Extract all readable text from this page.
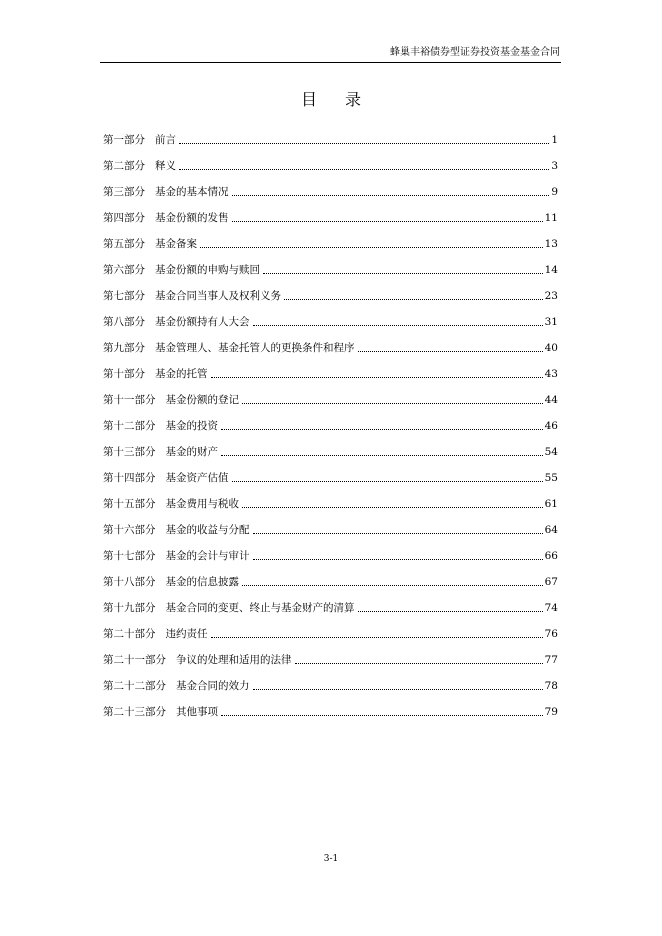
蜂巢丰裕债券型证券投资基金基金合同
目 录
第一部分 前言	1
第二部分 释义	3
第三部分 基金的基本情况	9
第四部分 基金份额的发售	11
第五部分 基金备案	13
第六部分 基金份额的申购与赎回	14
第七部分 基金合同当事人及权利义务	23
第八部分 基金份额持有人大会	31
第九部分 基金管理人、基金托管人的更换条件和程序	40
第十部分 基金的托管	43
第十一部分 基金份额的登记	44
第十二部分 基金的投资	46
第十三部分 基金的财产	54
第十四部分 基金资产估值	55
第十五部分 基金费用与税收	61
第十六部分 基金的收益与分配	64
第十七部分 基金的会计与审计	66
第十八部分 基金的信息披露	67
第十九部分 基金合同的变更、终止与基金财产的清算	74
第二十部分 违约责任	76
第二十一部分 争议的处理和适用的法律	77
第二十二部分 基金合同的效力	78
第二十三部分 其他事项	79
3-1
